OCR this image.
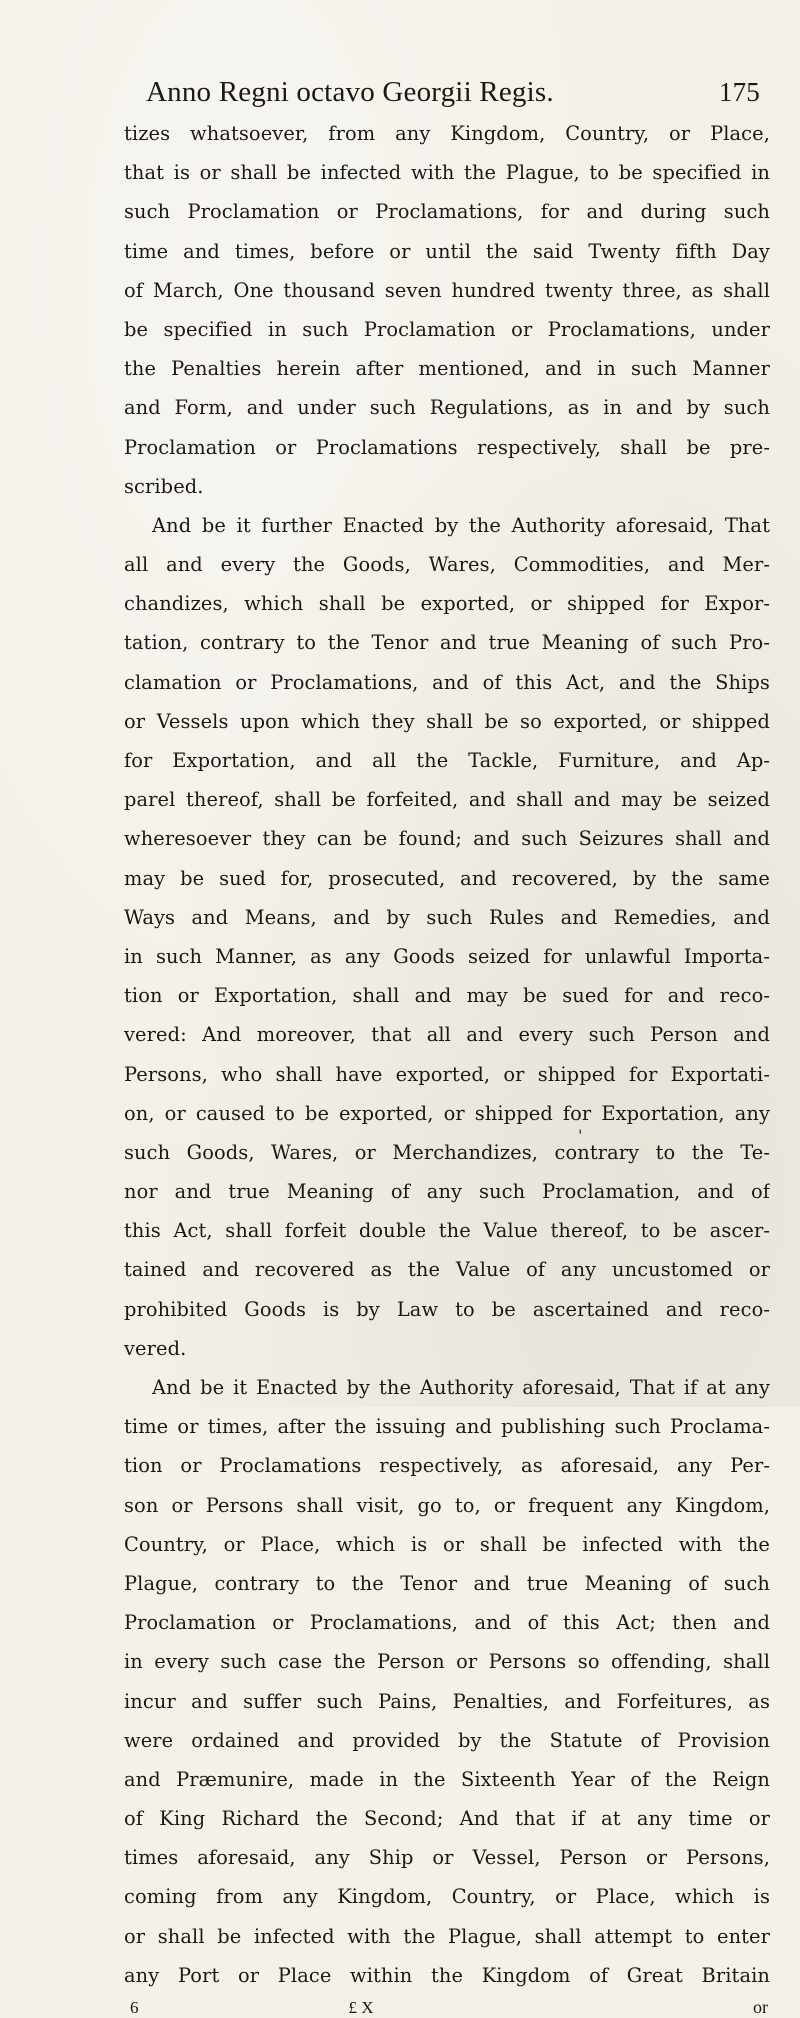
Anno Regni octavo Georgii Regis.	175
tizes whatsoever, from any Kingdom, Country, or Place,
that is or shall be infected with the Plague, to be specified in
such Proclamation or Proclamations, for and during such
time and times, before or until the said Twenty fifth Day
of March, One thousand seven hundred twenty three, as shall
be specified in such Proclamation or Proclamations, under
the Penalties herein after mentioned, and in such Manner
and Form, and under such Regulations, as in and by such
Proclamation or Proclamations respectively, shall be pre-
scribed.
And be it further Enacted by the Authority aforesaid, That
all and every the Goods, Wares, Commodities, and Mer-
chandizes, which shall be exported, or shipped for Expor-
tation, contrary to the Tenor and true Meaning of such Pro-
clamation or Proclamations, and of this Act, and the Ships
or Vessels upon which they shall be so exported, or shipped
for Exportation, and all the Tackle, Furniture, and Ap-
parel thereof, shall be forfeited, and shall and may be seized
wheresoever they can be found; and such Seizures shall and
may be sued for, prosecuted, and recovered, by the same
Ways and Means, and by such Rules and Remedies, and
in such Manner, as any Goods seized for unlawful Importa-
tion or Exportation, shall and may be sued for and reco-
vered: And moreover, that all and every such Person and
Persons, who shall have exported, or shipped for Exportati-
on, or caused to be exported, or shipped for Exportation, any
such Goods, Wares, or Merchandizes, contrary to the Te-
nor and true Meaning of any such Proclamation, and of
this Act, shall forfeit double the Value thereof, to be ascer-
tained and recovered as the Value of any uncustomed or
prohibited Goods is by Law to be ascertained and reco-
vered.
And be it Enacted by the Authority aforesaid, That if at any
time or times, after the issuing and publishing such Proclama-
tion or Proclamations respectively, as aforesaid, any Per-
son or Persons shall visit, go to, or frequent any Kingdom,
Country, or Place, which is or shall be infected with the
Plague, contrary to the Tenor and true Meaning of such
Proclamation or Proclamations, and of this Act; then and
in every such case the Person or Persons so offending, shall
incur and suffer such Pains, Penalties, and Forfeitures, as
were ordained and provided by the Statute of Provision
and Præmunire, made in the Sixteenth Year of the Reign
of King Richard the Second; And that if at any time or
times aforesaid, any Ship or Vessel, Person or Persons,
coming from any Kingdom, Country, or Place, which is
or shall be infected with the Plague, shall attempt to enter
any Port or Place within the Kingdom of Great Britain
'
6	£ X	or
